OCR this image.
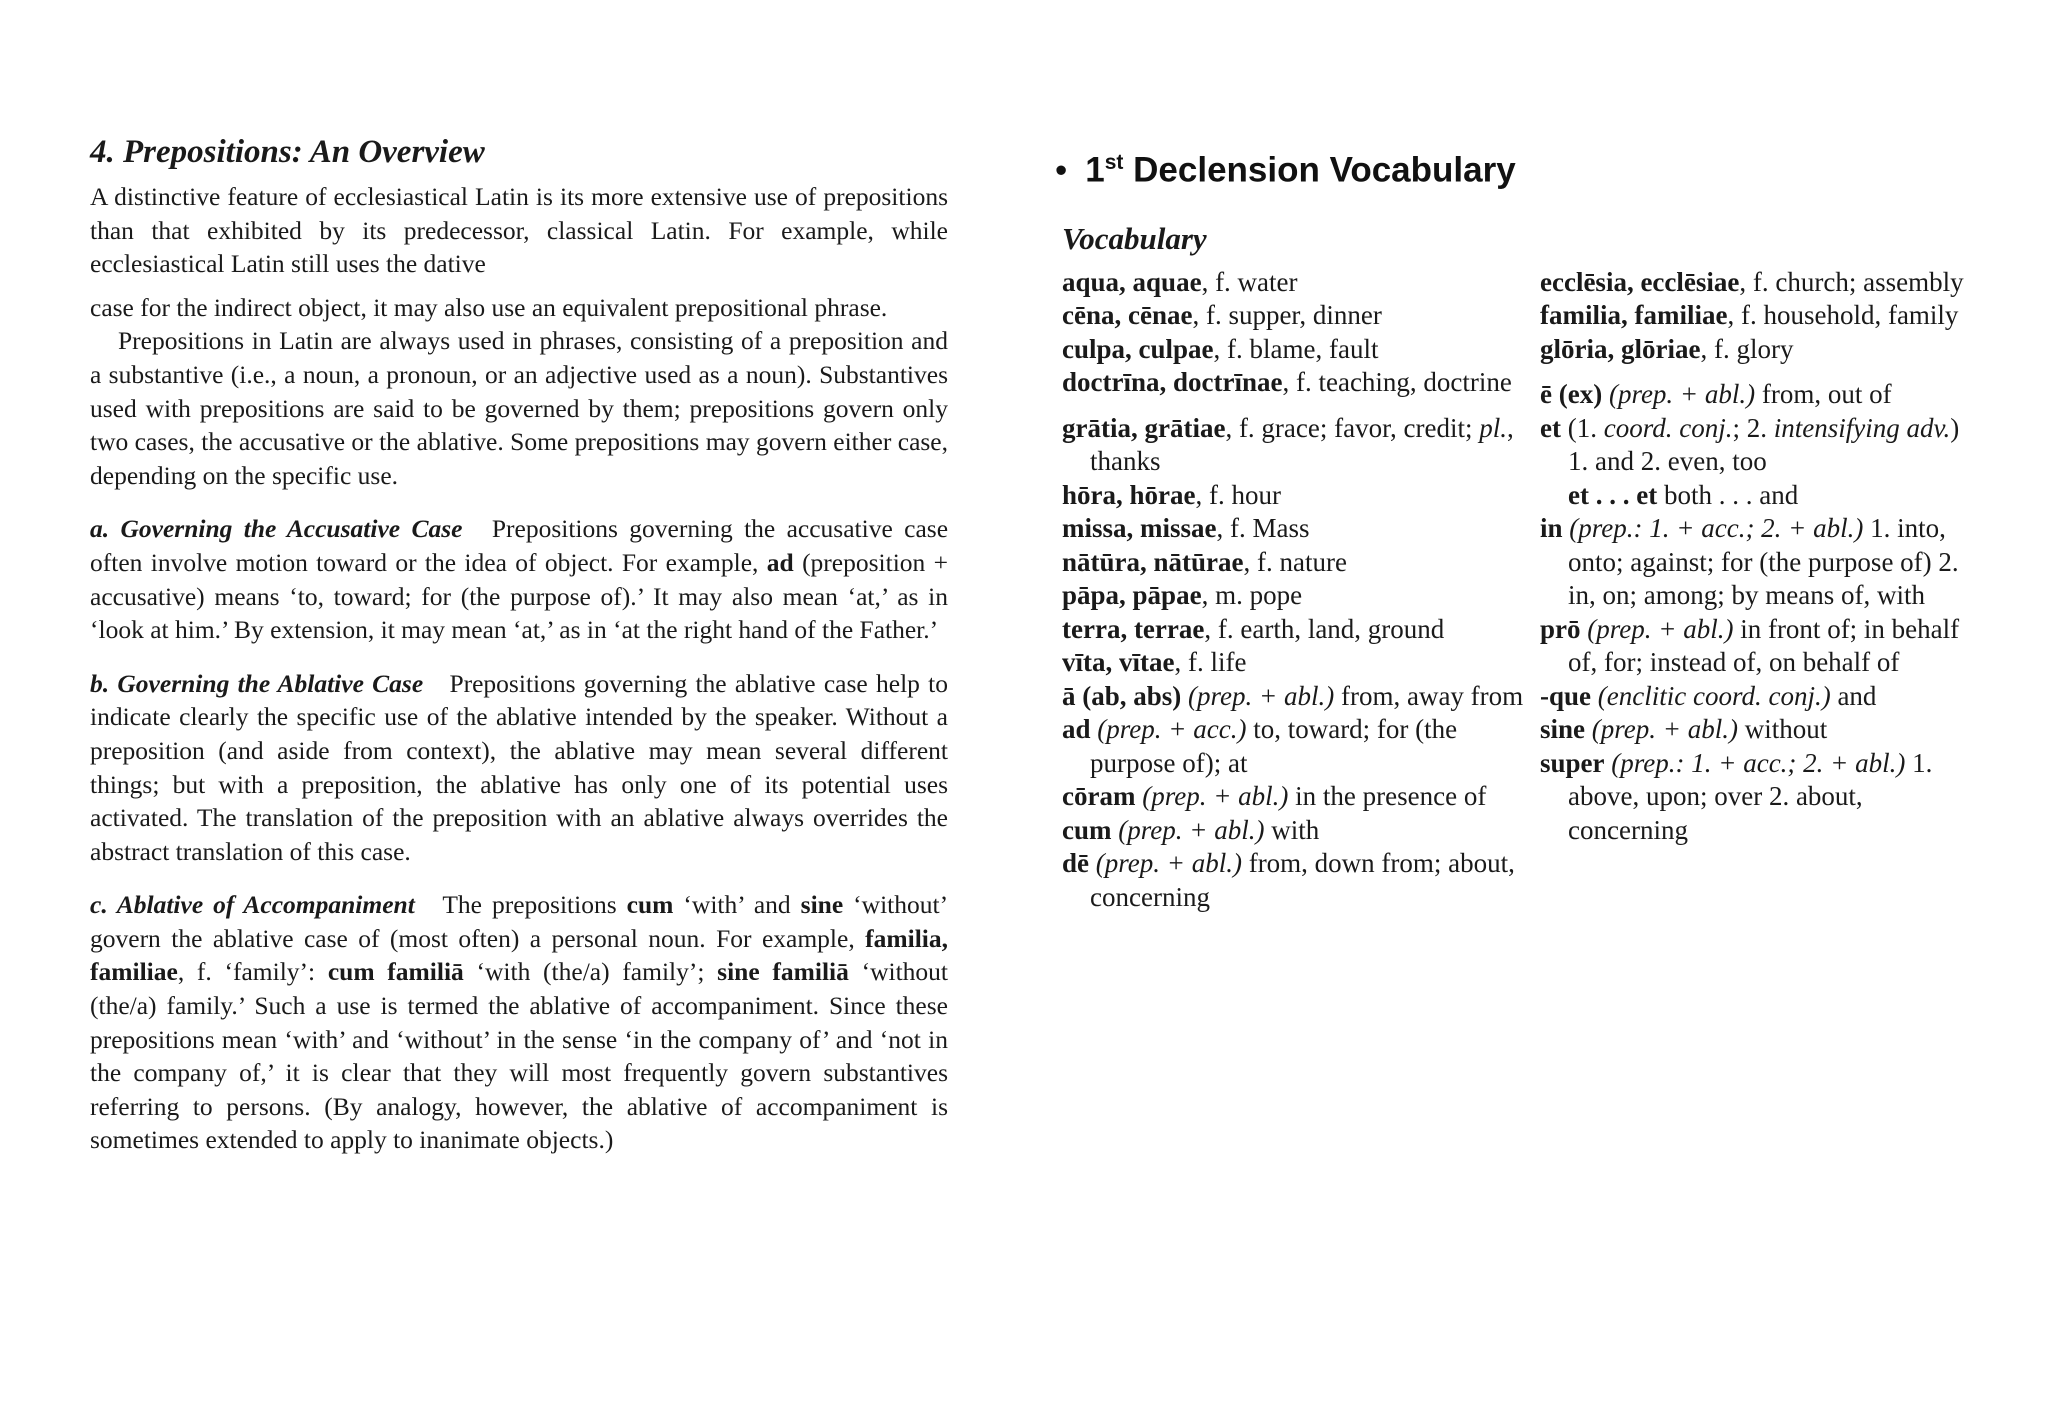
4. Prepositions: An Overview

A distinctive feature of ecclesiastical Latin is its more extensive use of prepositions than that exhibited by its predecessor, classical Latin. For example, while ecclesiastical Latin still uses the dative

case for the indirect object, it may also use an equivalent prepositional phrase.

Prepositions in Latin are always used in phrases, consisting of a preposition and a substantive (i.e., a noun, a pronoun, or an adjective used as a noun). Substantives used with prepositions are said to be governed by them; prepositions govern only two cases, the accusative or the ablative. Some prepositions may govern either case, depending on the specific use.

a. Governing the Accusative Case Prepositions governing the accusative case often involve motion toward or the idea of object. For example, ad (preposition + accusative) means ‘to, toward; for (the purpose of).’ It may also mean ‘at,’ as in ‘look at him.’ By extension, it may mean ‘at,’ as in ‘at the right hand of the Father.’

b. Governing the Ablative Case Prepositions governing the ablative case help to indicate clearly the specific use of the ablative intended by the speaker. Without a preposition (and aside from context), the ablative may mean several different things; but with a preposition, the ablative has only one of its potential uses activated. The translation of the preposition with an ablative always overrides the abstract translation of this case.

c. Ablative of Accompaniment The prepositions cum ‘with’ and sine ‘without’ govern the ablative case of (most often) a personal noun. For example, familia, familiae, f. ‘family’: cum familiā ‘with (the/a) family’; sine familiā ‘without (the/a) family.’ Such a use is termed the ablative of accompaniment. Since these prepositions mean ‘with’ and ‘without’ in the sense ‘in the company of’ and ‘not in the company of,’ it is clear that they will most frequently govern substantives referring to persons. (By analogy, however, the ablative of accompaniment is sometimes extended to apply to inanimate objects.)

• 1st Declension Vocabulary
Vocabulary
aqua, aquae, f. water
cēna, cēnae, f. supper, dinner
culpa, culpae, f. blame, fault
doctrīna, doctrīnae, f. teaching, doctrine
grātia, grātiae, f. grace; favor, credit; pl., thanks
hōra, hōrae, f. hour
missa, missae, f. Mass
nātūra, nātūrae, f. nature
pāpa, pāpae, m. pope
terra, terrae, f. earth, land, ground
vīta, vītae, f. life
ā (ab, abs) (prep. + abl.) from, away from
ad (prep. + acc.) to, toward; for (the purpose of); at
cōram (prep. + abl.) in the presence of
cum (prep. + abl.) with
dē (prep. + abl.) from, down from; about, concerning
ecclēsia, ecclēsiae, f. church; assembly
familia, familiae, f. household, family
glōria, glōriae, f. glory
ē (ex) (prep. + abl.) from, out of
et (1. coord. conj.; 2. intensifying adv.) 1. and 2. even, too
et . . . et both . . . and
in (prep.: 1. + acc.; 2. + abl.) 1. into, onto; against; for (the purpose of) 2. in, on; among; by means of, with
prō (prep. + abl.) in front of; in behalf of, for; instead of, on behalf of
-que (enclitic coord. conj.) and
sine (prep. + abl.) without
super (prep.: 1. + acc.; 2. + abl.) 1. above, upon; over 2. about, concerning
